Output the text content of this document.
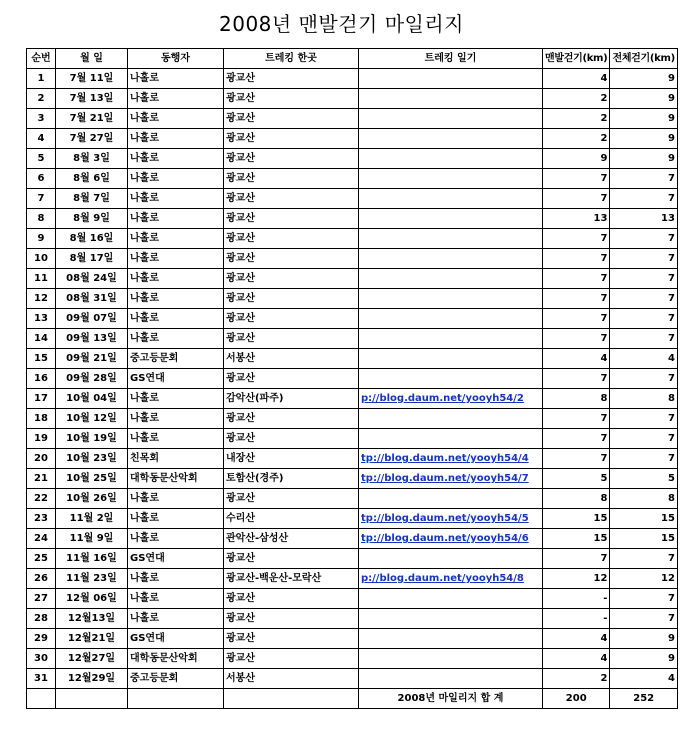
2008년 맨발걷기 마일리지
순번	월 일	동행자	트레킹 한곳	트레킹 일기	맨발걷기(km)	전체걷기(km)
1	7월 11일	나홀로	광교산		4	9
2	7월 13일	나홀로	광교산		2	9
3	7월 21일	나홀로	광교산		2	9
4	7월 27일	나홀로	광교산		2	9
5	8월 3일	나홀로	광교산		9	9
6	8월 6일	나홀로	광교산		7	7
7	8월 7일	나홀로	광교산		7	7
8	8월 9일	나홀로	광교산		13	13
9	8월 16일	나홀로	광교산		7	7
10	8월 17일	나홀로	광교산		7	7
11	08월 24일	나홀로	광교산		7	7
12	08월 31일	나홀로	광교산		7	7
13	09월 07일	나홀로	광교산		7	7
14	09월 13일	나홀로	광교산		7	7
15	09월 21일	중고등문회	서봉산		4	4
16	09월 28일	GS연대	광교산		7	7
17	10월 04일	나홀로	감악산(파주)	p://blog.daum.net/yooyh54/2	8	8
18	10월 12일	나홀로	광교산		7	7
19	10월 19일	나홀로	광교산		7	7
20	10월 23일	친목회	내장산	tp://blog.daum.net/yooyh54/4	7	7
21	10월 25일	대학동문산악회	토함산(경주)	tp://blog.daum.net/yooyh54/7	5	5
22	10월 26일	나홀로	광교산		8	8
23	11월 2일	나홀로	수리산	tp://blog.daum.net/yooyh54/5	15	15
24	11월 9일	나홀로	관악산-삼성산	tp://blog.daum.net/yooyh54/6	15	15
25	11월 16일	GS연대	광교산		7	7
26	11월 23일	나홀로	광교산-백운산-모락산	p://blog.daum.net/yooyh54/8	12	12
27	12월 06일	나홀로	광교산		-	7
28	12월13일	나홀로	광교산		-	7
29	12월21일	GS연대	광교산		4	9
30	12월27일	대학동문산악회	광교산		4	9
31	12월29일	중고등문회	서봉산		2	4
				2008년 마일리지 합 계	200	252
